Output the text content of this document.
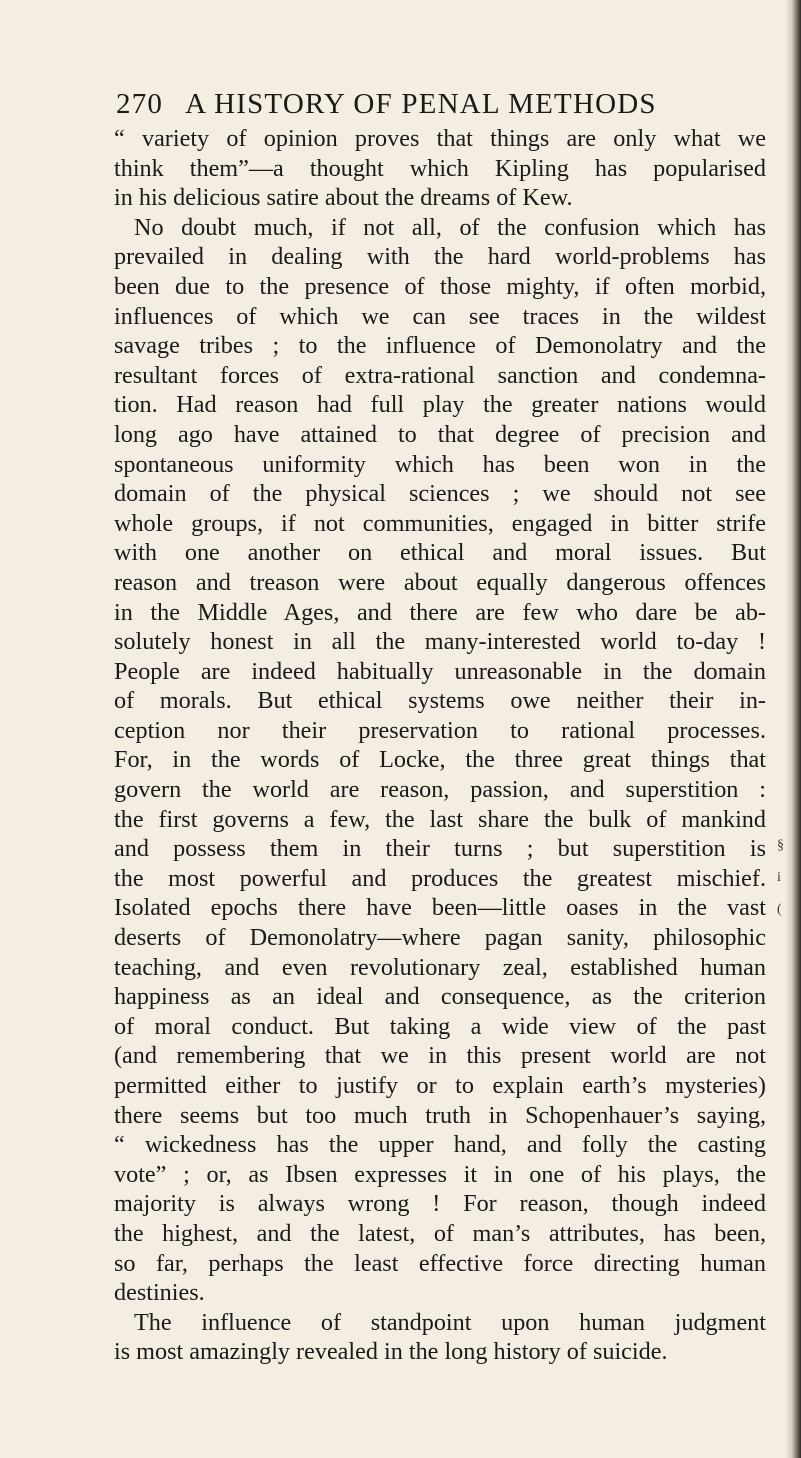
270 A HISTORY OF PENAL METHODS
“ variety of opinion proves that things are only what we
think them”—a thought which Kipling has popularised
in his delicious satire about the dreams of Kew.
No doubt much, if not all, of the confusion which has
prevailed in dealing with the hard world-problems has
been due to the presence of those mighty, if often morbid,
influences of which we can see traces in the wildest
savage tribes ; to the influence of Demonolatry and the
resultant forces of extra-rational sanction and condemna-
tion. Had reason had full play the greater nations would
long ago have attained to that degree of precision and
spontaneous uniformity which has been won in the
domain of the physical sciences ; we should not see
whole groups, if not communities, engaged in bitter strife
with one another on ethical and moral issues. But
reason and treason were about equally dangerous offences
in the Middle Ages, and there are few who dare be ab-
solutely honest in all the many-interested world to-day !
People are indeed habitually unreasonable in the domain
of morals. But ethical systems owe neither their in-
ception nor their preservation to rational processes.
For, in the words of Locke, the three great things that
govern the world are reason, passion, and superstition :
the first governs a few, the last share the bulk of mankind
and possess them in their turns ; but superstition is
the most powerful and produces the greatest mischief.
Isolated epochs there have been—little oases in the vast
deserts of Demonolatry—where pagan sanity, philosophic
teaching, and even revolutionary zeal, established human
happiness as an ideal and consequence, as the criterion
of moral conduct. But taking a wide view of the past
(and remembering that we in this present world are not
permitted either to justify or to explain earth’s mysteries)
there seems but too much truth in Schopenhauer’s saying,
“ wickedness has the upper hand, and folly the casting
vote” ; or, as Ibsen expresses it in one of his plays, the
majority is always wrong ! For reason, though indeed
the highest, and the latest, of man’s attributes, has been,
so far, perhaps the least effective force directing human
destinies.
The influence of standpoint upon human judgment
is most amazingly revealed in the long history of suicide.
§
i
(
